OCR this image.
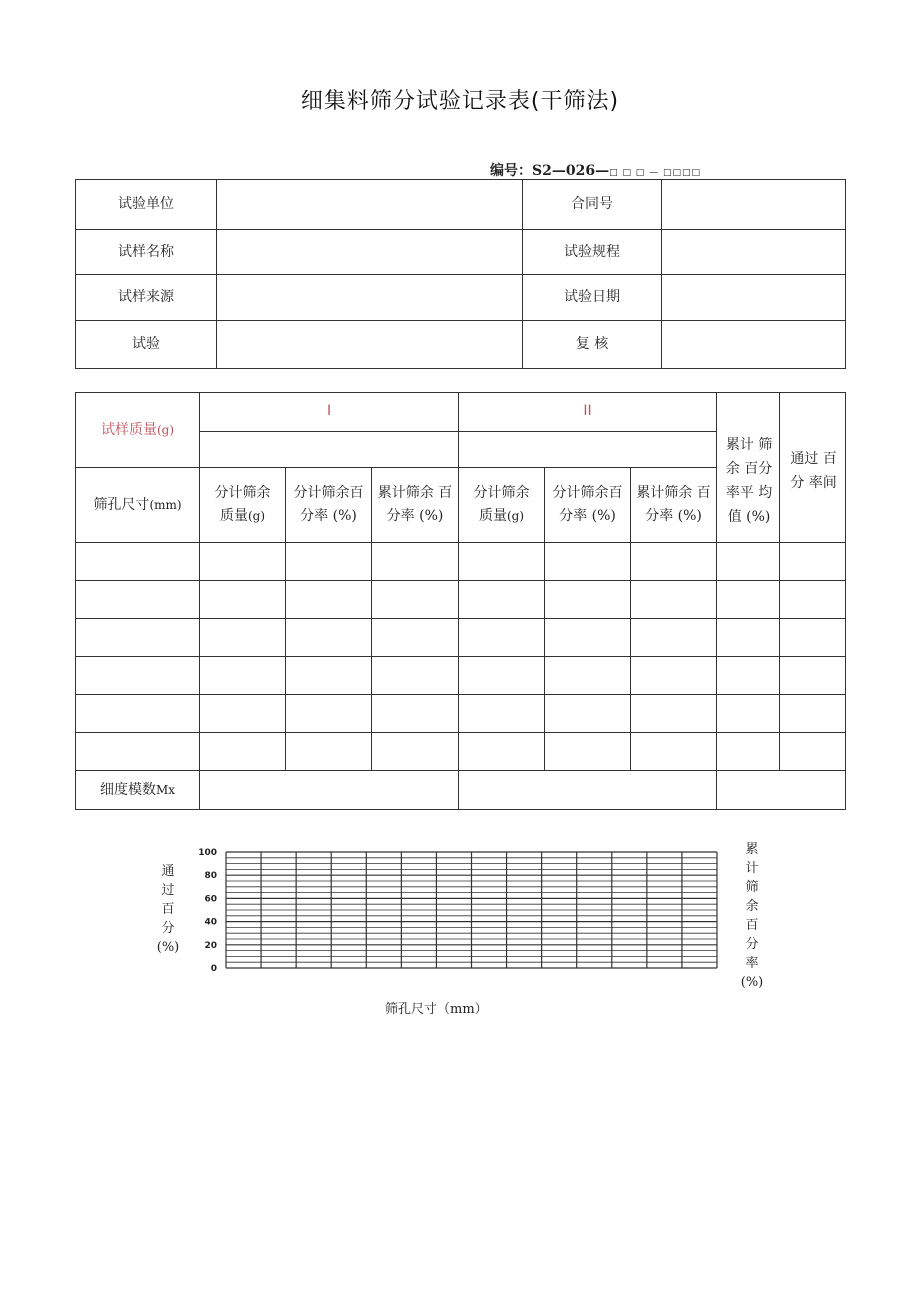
细集料筛分试验记录表(干筛法)
编号：S2—026—□ □ □ — □□□□
试验单位		合同号	
试样名称		试验规程	
试样来源		试验日期	
试验		复 核	
试样质量(g)	I			II			累计 筛余 百分率平 均值 (%)	通过 百分 率间

筛孔尺寸(mm)	分计筛余质量(g)	分计筛余百分率 (%)	累计筛余 百分率 (%)	分计筛余质量(g)	分计筛余百分率 (%)	累计筛余 百分率 (%)		

细度模数Mx								
通过百分(%)
累计筛余百分率(%)
0
20
40
60
80
100
筛孔尺寸（mm）
